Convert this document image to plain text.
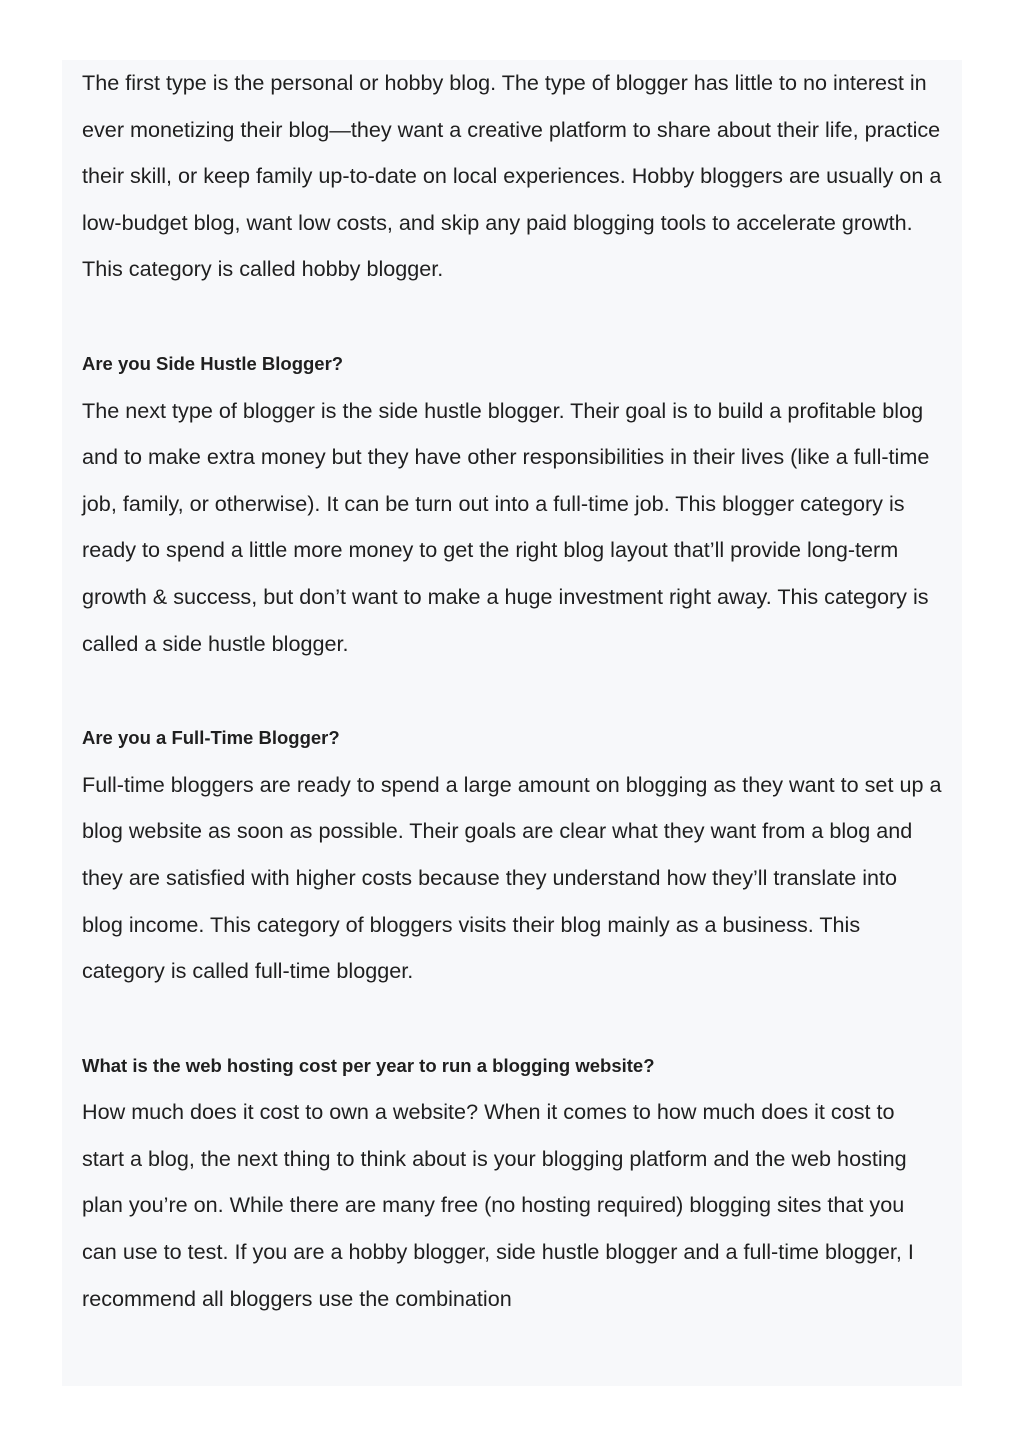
The first type is the personal or hobby blog. The type of blogger has little to no interest in ever monetizing their blog—they want a creative platform to share about their life, practice their skill, or keep family up-to-date on local experiences. Hobby bloggers are usually on a low-budget blog, want low costs, and skip any paid blogging tools to accelerate growth. This category is called hobby blogger.

Are you Side Hustle Blogger?

The next type of blogger is the side hustle blogger. Their goal is to build a profitable blog and to make extra money but they have other responsibilities in their lives (like a full-time job, family, or otherwise). It can be turn out into a full-time job. This blogger category is ready to spend a little more money to get the right blog layout that’ll provide long-term growth & success, but don’t want to make a huge investment right away. This category is called a side hustle blogger.

Are you a Full-Time Blogger?

Full-time bloggers are ready to spend a large amount on blogging as they want to set up a blog website as soon as possible. Their goals are clear what they want from a blog and they are satisfied with higher costs because they understand how they’ll translate into blog income. This category of bloggers visits their blog mainly as a business. This category is called full-time blogger.

What is the web hosting cost per year to run a blogging website?

How much does it cost to own a website? When it comes to how much does it cost to start a blog, the next thing to think about is your blogging platform and the web hosting plan you’re on. While there are many free (no hosting required) blogging sites that you can use to test. If you are a hobby blogger, side hustle blogger and a full-time blogger, I recommend all bloggers use the combination
